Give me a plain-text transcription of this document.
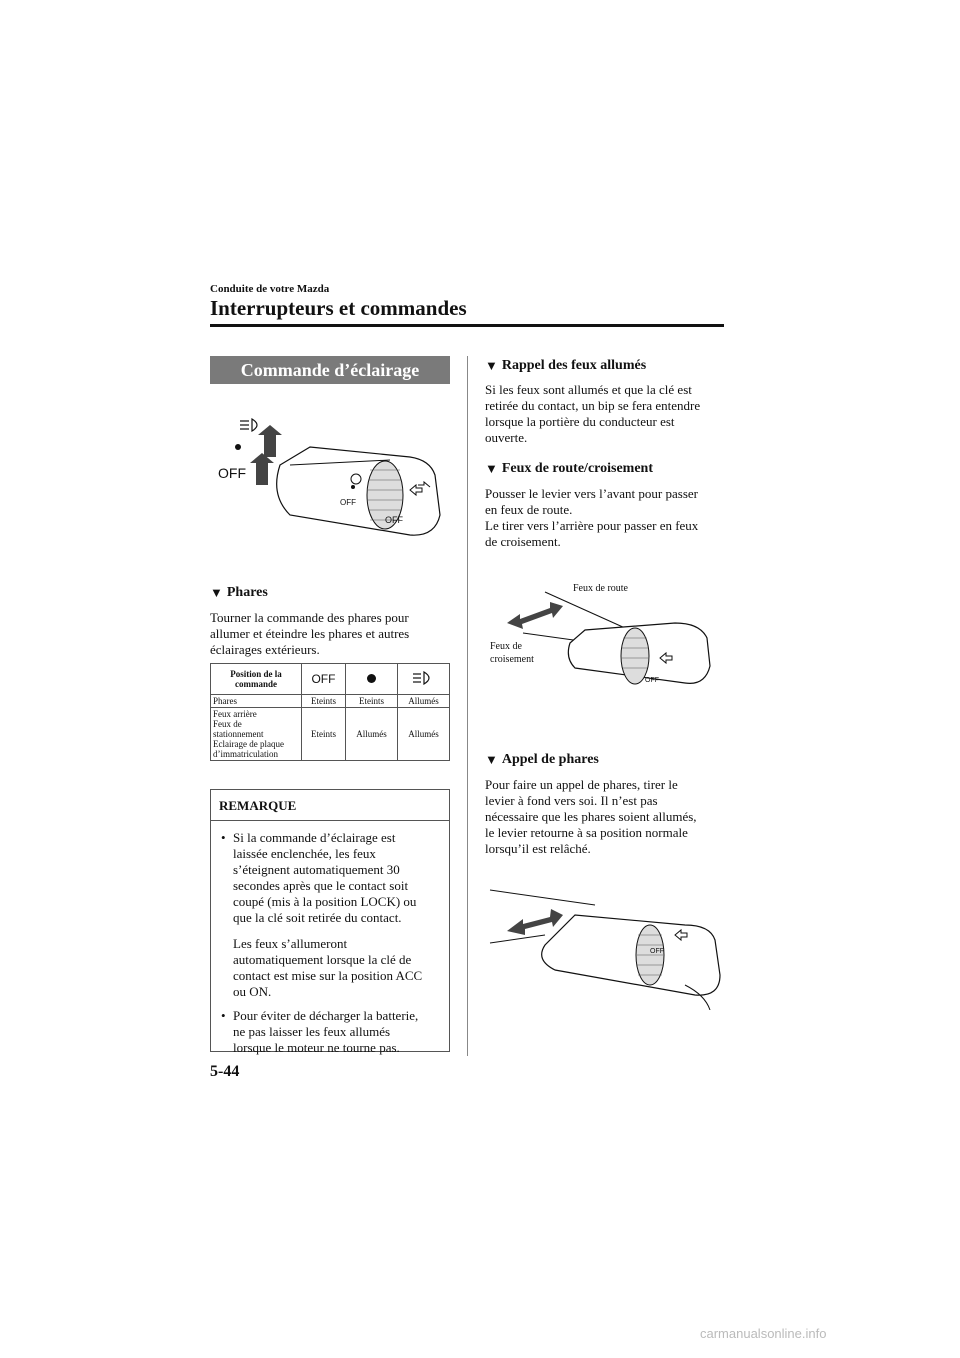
Conduite de votre Mazda
Interrupteurs et commandes
Commande d’éclairage
OFF
OFF
OFF
▼ Phares
Tourner la commande des phares pour
allumer et éteindre les phares et autres
éclairages extérieurs.
Position de la
commande	OFF		
Phares	Eteints	Eteints	Allumés

Feux arrière
Feux de
stationnement
Eclairage de plaque
d’immatriculation	Eteints	Allumés	Allumés
REMARQUE
• Si la commande d’éclairage est
laissée enclenchée, les feux
s’éteignent automatiquement 30
secondes après que le contact soit
coupé (mis à la position LOCK) ou
que la clé soit retirée du contact.
Les feux s’allumeront
automatiquement lorsque la clé de
contact est mise sur la position ACC
ou ON.
• Pour éviter de décharger la batterie,
ne pas laisser les feux allumés
lorsque le moteur ne tourne pas.
▼ Rappel des feux allumés
Si les feux sont allumés et que la clé est
retirée du contact, un bip se fera entendre
lorsque la portière du conducteur est
ouverte.
▼ Feux de route/croisement
Pousser le levier vers l’avant pour passer
en feux de route.
Le tirer vers l’arrière pour passer en feux
de croisement.
Feux de route
Feux de
croisement
OFF
▼ Appel de phares
Pour faire un appel de phares, tirer le
levier à fond vers soi. Il n’est pas
nécessaire que les phares soient allumés,
le levier retourne à sa position normale
lorsqu’il est relâché.
OFF
5-44
carmanualsonline.info
